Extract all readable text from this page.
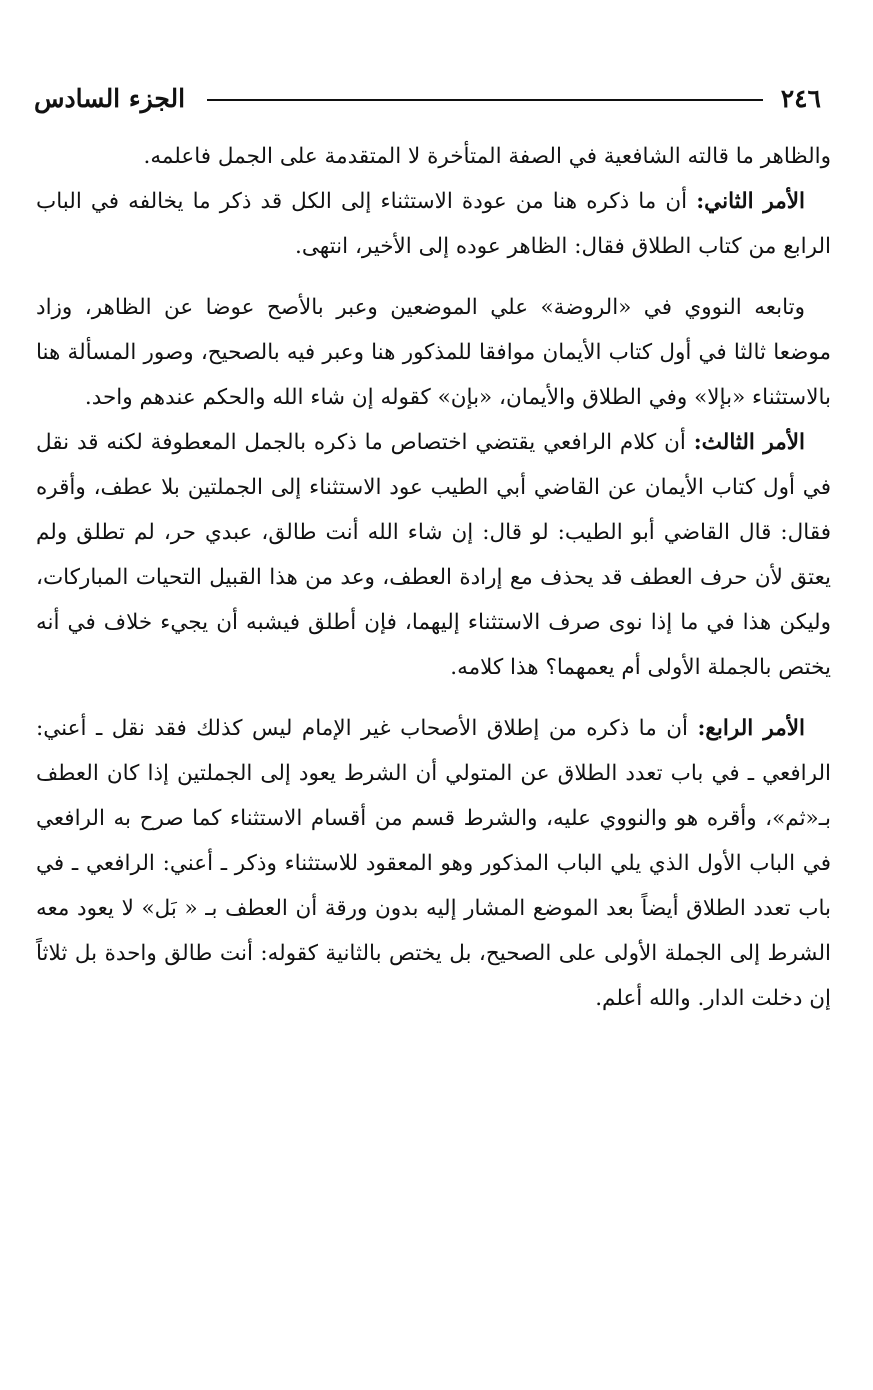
٢٤٦
الجزء السادس

والظاهر ما قالته الشافعية في الصفة المتأخرة لا المتقدمة على الجمل فاعلمه.

الأمر الثاني: أن ما ذكره هنا من عودة الاستثناء إلى الكل قد ذكر ما يخالفه في الباب الرابع من كتاب الطلاق فقال: الظاهر عوده إلى الأخير، انتهى.

وتابعه النووي في «الروضة» علي الموضعين وعبر بالأصح عوضا عن الظاهر، وزاد موضعا ثالثا في أول كتاب الأيمان موافقا للمذكور هنا وعبر فيه بالصحيح، وصور المسألة هنا بالاستثناء «بإلا» وفي الطلاق والأيمان، «بإن» كقوله إن شاء الله والحكم عندهم واحد.

الأمر الثالث: أن كلام الرافعي يقتضي اختصاص ما ذكره بالجمل المعطوفة لكنه قد نقل في أول كتاب الأيمان عن القاضي أبي الطيب عود الاستثناء إلى الجملتين بلا عطف، وأقره فقال: قال القاضي أبو الطيب: لو قال: إن شاء الله أنت طالق، عبدي حر، لم تطلق ولم يعتق لأن حرف العطف قد يحذف مع إرادة العطف، وعد من هذا القبيل التحيات المباركات، وليكن هذا في ما إذا نوى صرف الاستثناء إليهما، فإن أطلق فيشبه أن يجيء خلاف في أنه يختص بالجملة الأولى أم يعمهما؟ هذا كلامه.

الأمر الرابع: أن ما ذكره من إطلاق الأصحاب غير الإمام ليس كذلك فقد نقل ـ أعني: الرافعي ـ في باب تعدد الطلاق عن المتولي أن الشرط يعود إلى الجملتين إذا كان العطف بـ«ثم»، وأقره هو والنووي عليه، والشرط قسم من أقسام الاستثناء كما صرح به الرافعي في الباب الأول الذي يلي الباب المذكور وهو المعقود للاستثناء وذكر ـ أعني: الرافعي ـ في باب تعدد الطلاق أيضاً بعد الموضع المشار إليه بدون ورقة أن العطف بـ « بَل» لا يعود معه الشرط إلى الجملة الأولى على الصحيح، بل يختص بالثانية كقوله: أنت طالق واحدة بل ثلاثاً إن دخلت الدار. والله أعلم.
